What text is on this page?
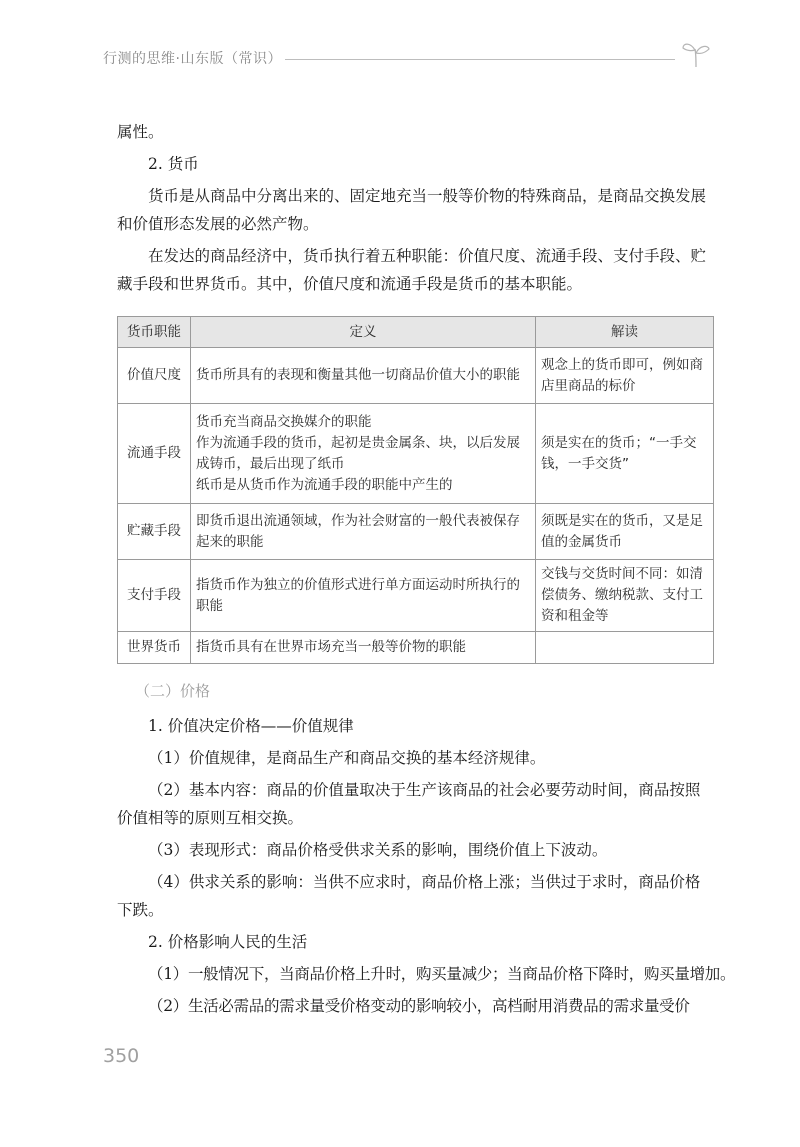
行测的思维·山东版（常识）

属性。

2. 货币

货币是从商品中分离出来的、固定地充当一般等价物的特殊商品，是商品交换发展和价值形态发展的必然产物。

在发达的商品经济中，货币执行着五种职能：价值尺度、流通手段、支付手段、贮藏手段和世界货币。其中，价值尺度和流通手段是货币的基本职能。

货币职能	定义	解读
价值尺度	货币所具有的表现和衡量其他一切商品价值大小的职能	观念上的货币即可，例如商店里商品的标价
流通手段	货币充当商品交换媒介的职能
作为流通手段的货币，起初是贵金属条、块，以后发展成铸币，最后出现了纸币
纸币是从货币作为流通手段的职能中产生的	须是实在的货币；“一手交钱，一手交货”
贮藏手段	即货币退出流通领域，作为社会财富的一般代表被保存起来的职能	须既是实在的货币，又是足值的金属货币
支付手段	指货币作为独立的价值形式进行单方面运动时所执行的职能	交钱与交货时间不同：如清偿债务、缴纳税款、支付工资和租金等
世界货币	指货币具有在世界市场充当一般等价物的职能	

（二）价格

1. 价值决定价格——价值规律

（1）价值规律，是商品生产和商品交换的基本经济规律。

（2）基本内容：商品的价值量取决于生产该商品的社会必要劳动时间，商品按照价值相等的原则互相交换。

（3）表现形式：商品价格受供求关系的影响，围绕价值上下波动。

（4）供求关系的影响：当供不应求时，商品价格上涨；当供过于求时，商品价格下跌。

2. 价格影响人民的生活

（1）一般情况下，当商品价格上升时，购买量减少；当商品价格下降时，购买量增加。

（2）生活必需品的需求量受价格变动的影响较小，高档耐用消费品的需求量受价

350
